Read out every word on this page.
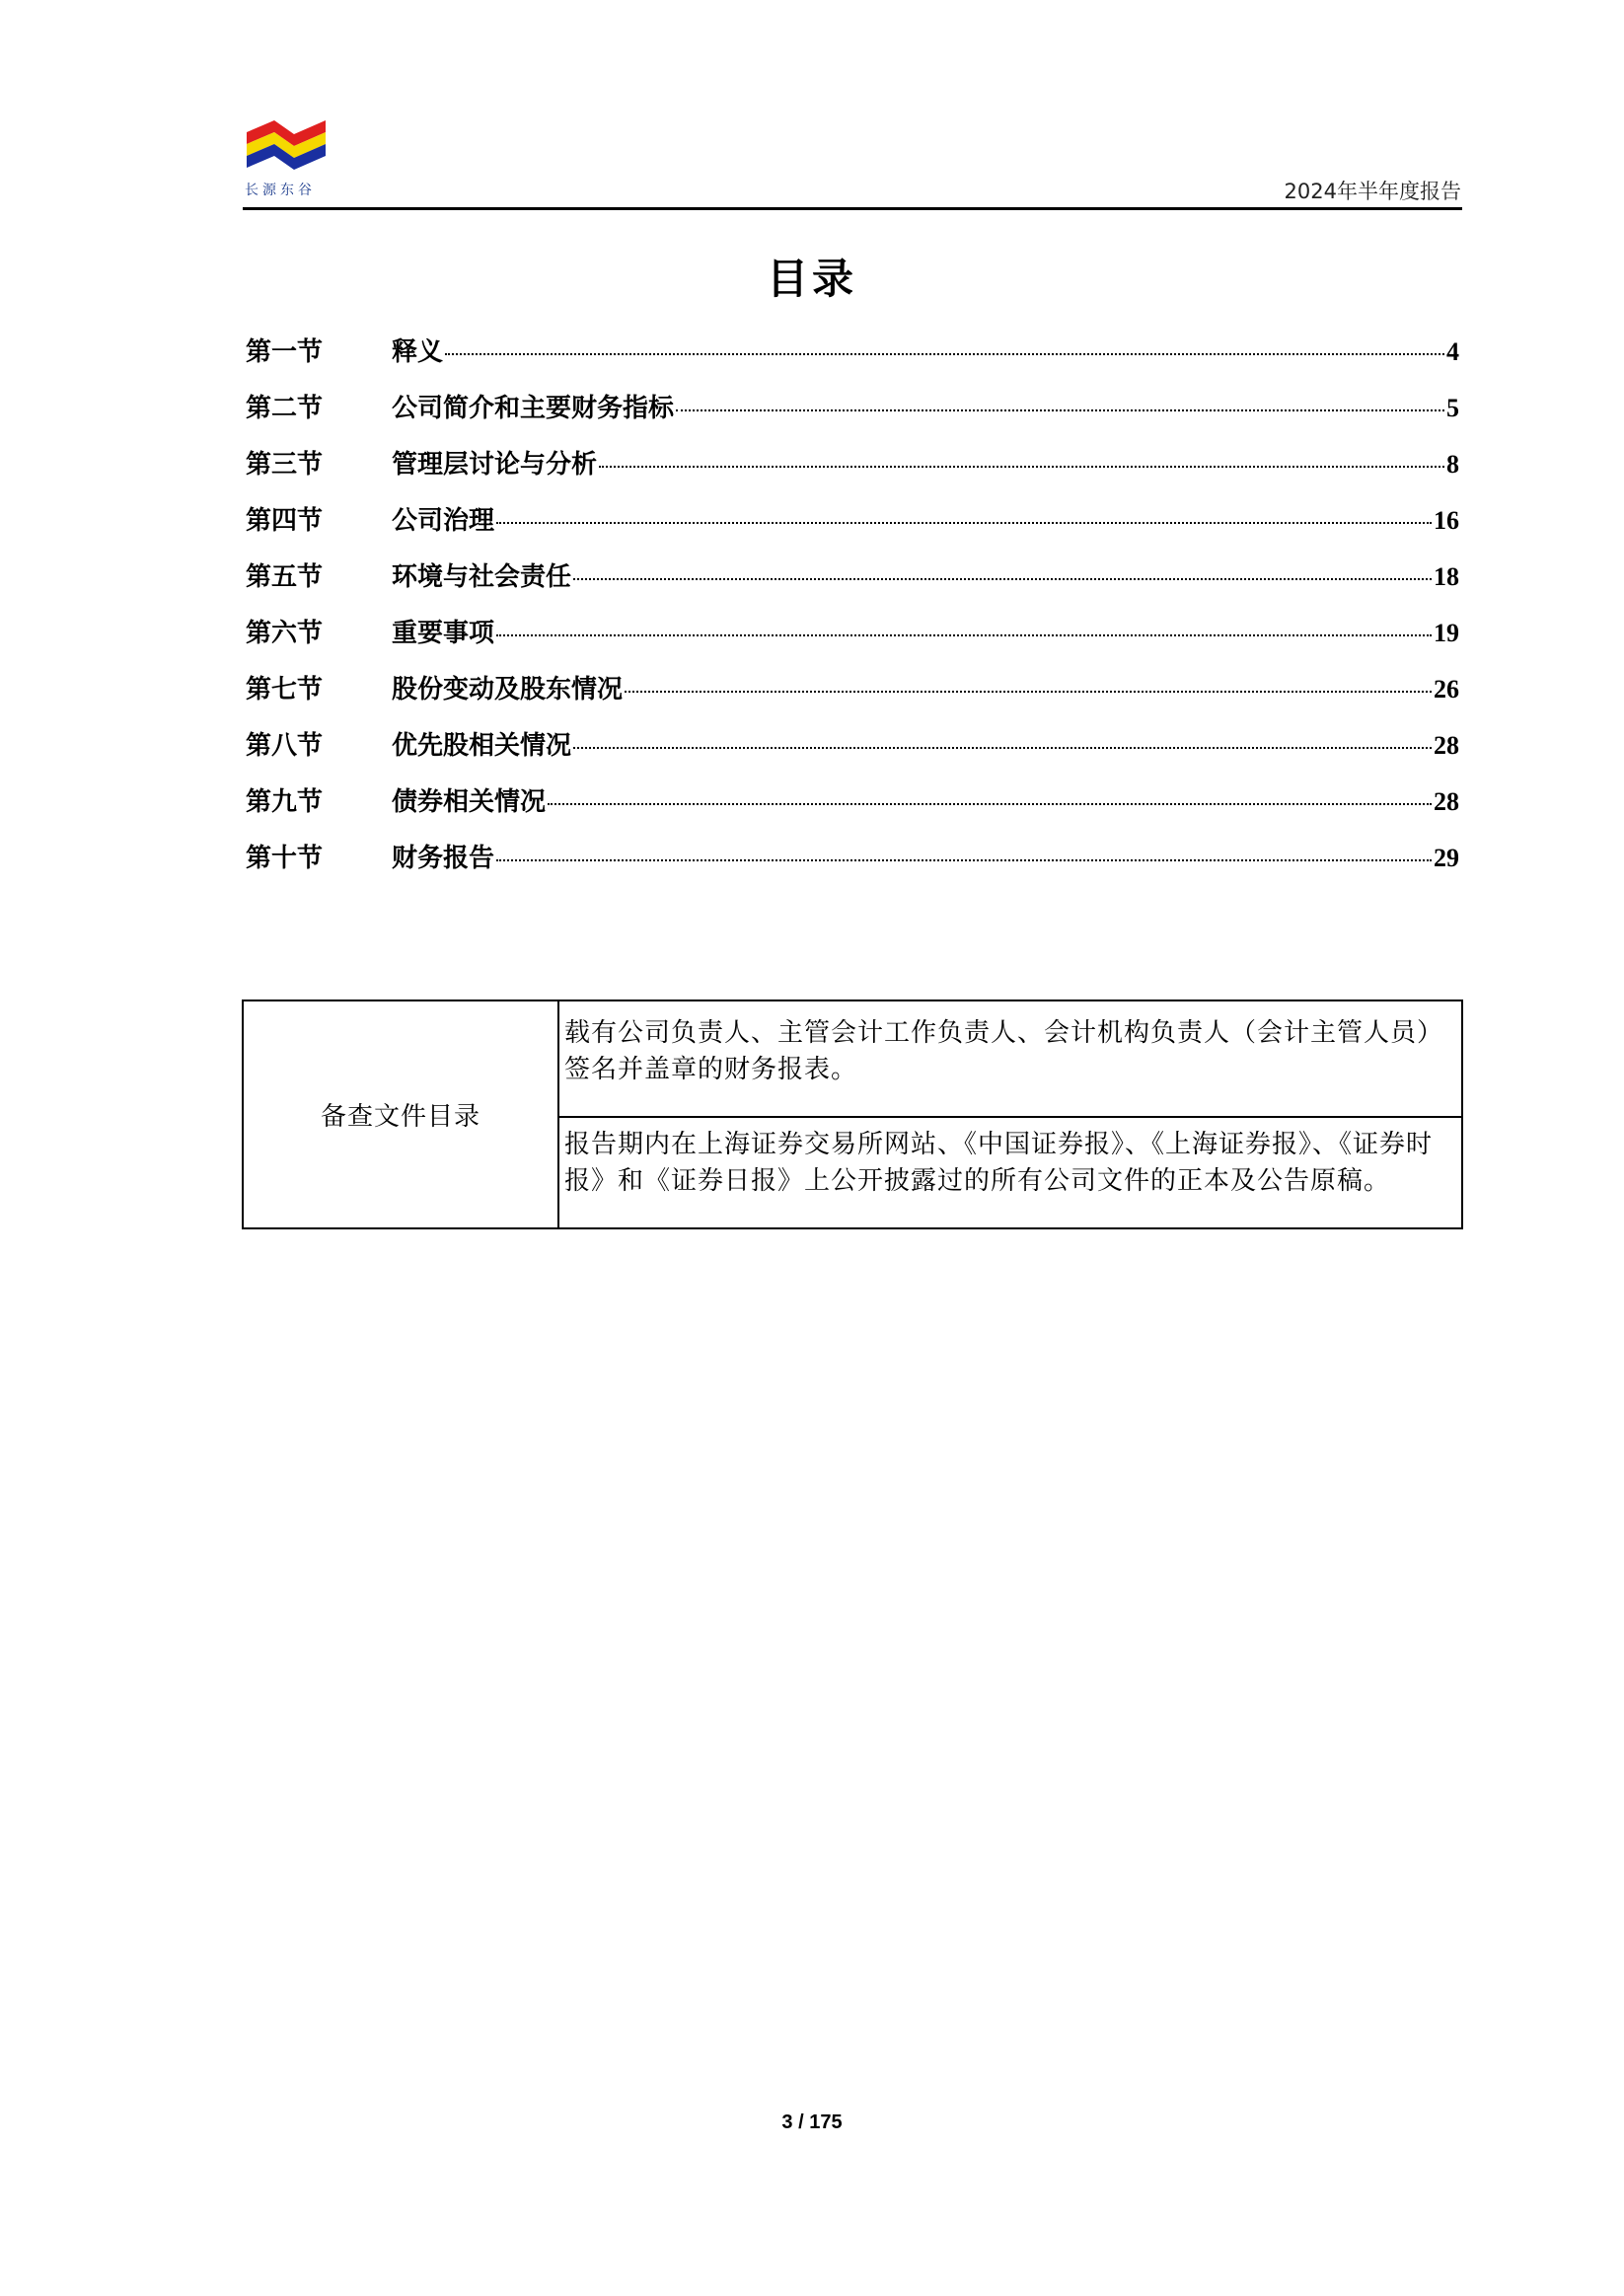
长源东谷	2024年半年度报告
目录
第一节	释义	4
第二节	公司简介和主要财务指标	5
第三节	管理层讨论与分析	8
第四节	公司治理	16
第五节	环境与社会责任	18
第六节	重要事项	19
第七节	股份变动及股东情况	26
第八节	优先股相关情况	28
第九节	债券相关情况	28
第十节	财务报告	29
备查文件目录
载有公司负责人、主管会计工作负责人、会计机构负责人（会计主管人员）签名并盖章的财务报表。
报告期内在上海证券交易所网站、《中国证券报》、《上海证券报》、《证券时报》和《证券日报》上公开披露过的所有公司文件的正本及公告原稿。
3 / 175
